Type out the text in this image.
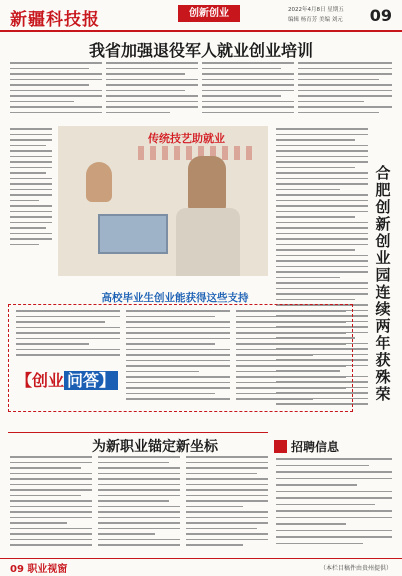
新疆科技报	创新创业	2022年4月8日 星期五
编辑 杨育芳 美编 刘元 09
我省加强退役军人就业创业培训
传统技艺助就业
合肥创新创业园连续两年获殊荣
高校毕业生创业能获得这些支持
【创业 问答】
为新职业锚定新坐标	招聘信息
09 职业视窗	（本栏目稿件由贵州提供）
